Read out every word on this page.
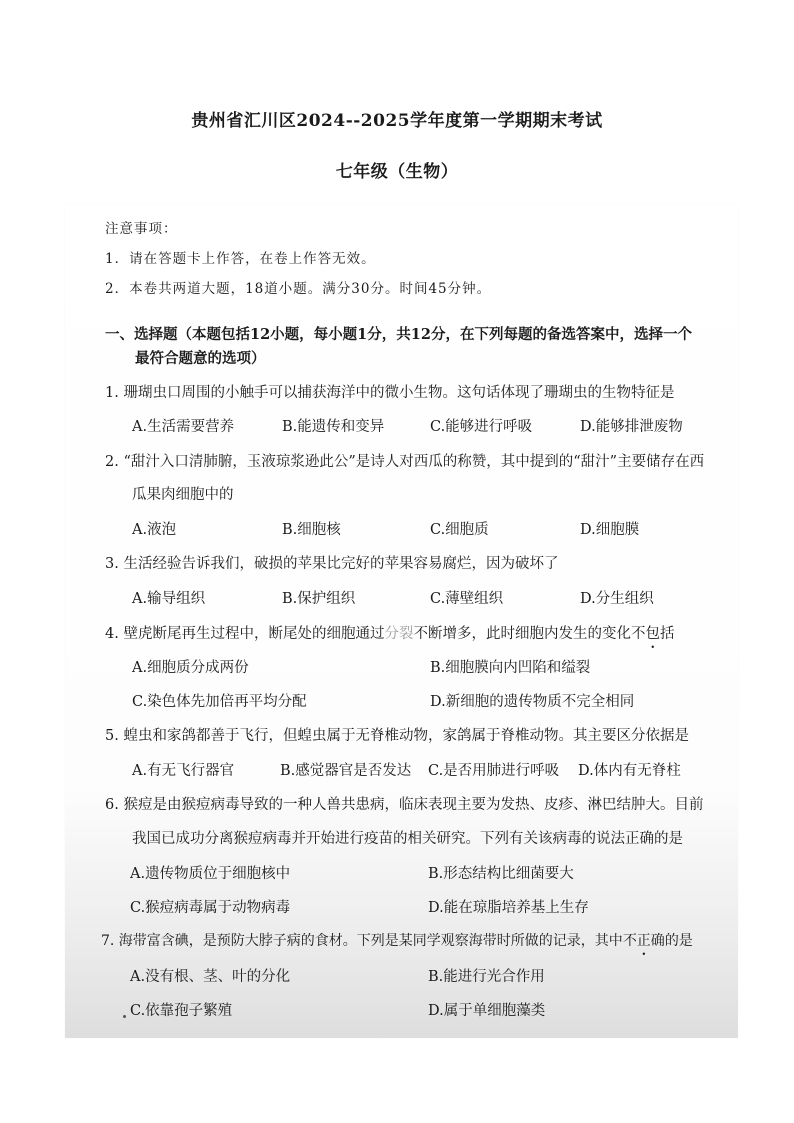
贵州省汇川区2024--2025学年度第一学期期末考试
七年级（生物）
注意事项：
1．请在答题卡上作答，在卷上作答无效。
2．本卷共两道大题，18道小题。满分30分。时间45分钟。
一、选择题（本题包括12小题，每小题1分，共12分，在下列每题的备选答案中，选择一个
最符合题意的选项）
1. 珊瑚虫口周围的小触手可以捕获海洋中的微小生物。这句话体现了珊瑚虫的生物特征是
A.生活需要营养	B.能遗传和变异	C.能够进行呼吸	D.能够排泄废物
2. “甜汁入口清肺腑，玉液琼浆逊此公”是诗人对西瓜的称赞，其中提到的“甜汁”主要储存在西
瓜果肉细胞中的
A.液泡	B.细胞核	C.细胞质	D.细胞膜
3. 生活经验告诉我们，破损的苹果比完好的苹果容易腐烂，因为破坏了
A.输导组织	B.保护组织	C.薄壁组织	D.分生组织
4. 壁虎断尾再生过程中，断尾处的细胞通过分裂不断增多，此时细胞内发生的变化不包括
A.细胞质分成两份	B.细胞膜向内凹陷和缢裂
C.染色体先加倍再平均分配	D.新细胞的遗传物质不完全相同
5. 蝗虫和家鸽都善于飞行，但蝗虫属于无脊椎动物，家鸽属于脊椎动物。其主要区分依据是
A.有无飞行器官	B.感觉器官是否发达 C.是否用肺进行呼吸 D.体内有无脊柱
6. 猴痘是由猴痘病毒导致的一种人兽共患病，临床表现主要为发热、皮疹、淋巴结肿大。目前
我国已成功分离猴痘病毒并开始进行疫苗的相关研究。下列有关该病毒的说法正确的是
A.遗传物质位于细胞核中	B.形态结构比细菌要大
C.猴痘病毒属于动物病毒	D.能在琼脂培养基上生存
7. 海带富含碘，是预防大脖子病的食材。下列是某同学观察海带时所做的记录，其中不正确的是
A.没有根、茎、叶的分化	B.能进行光合作用
C.依靠孢子繁殖	D.属于单细胞藻类
